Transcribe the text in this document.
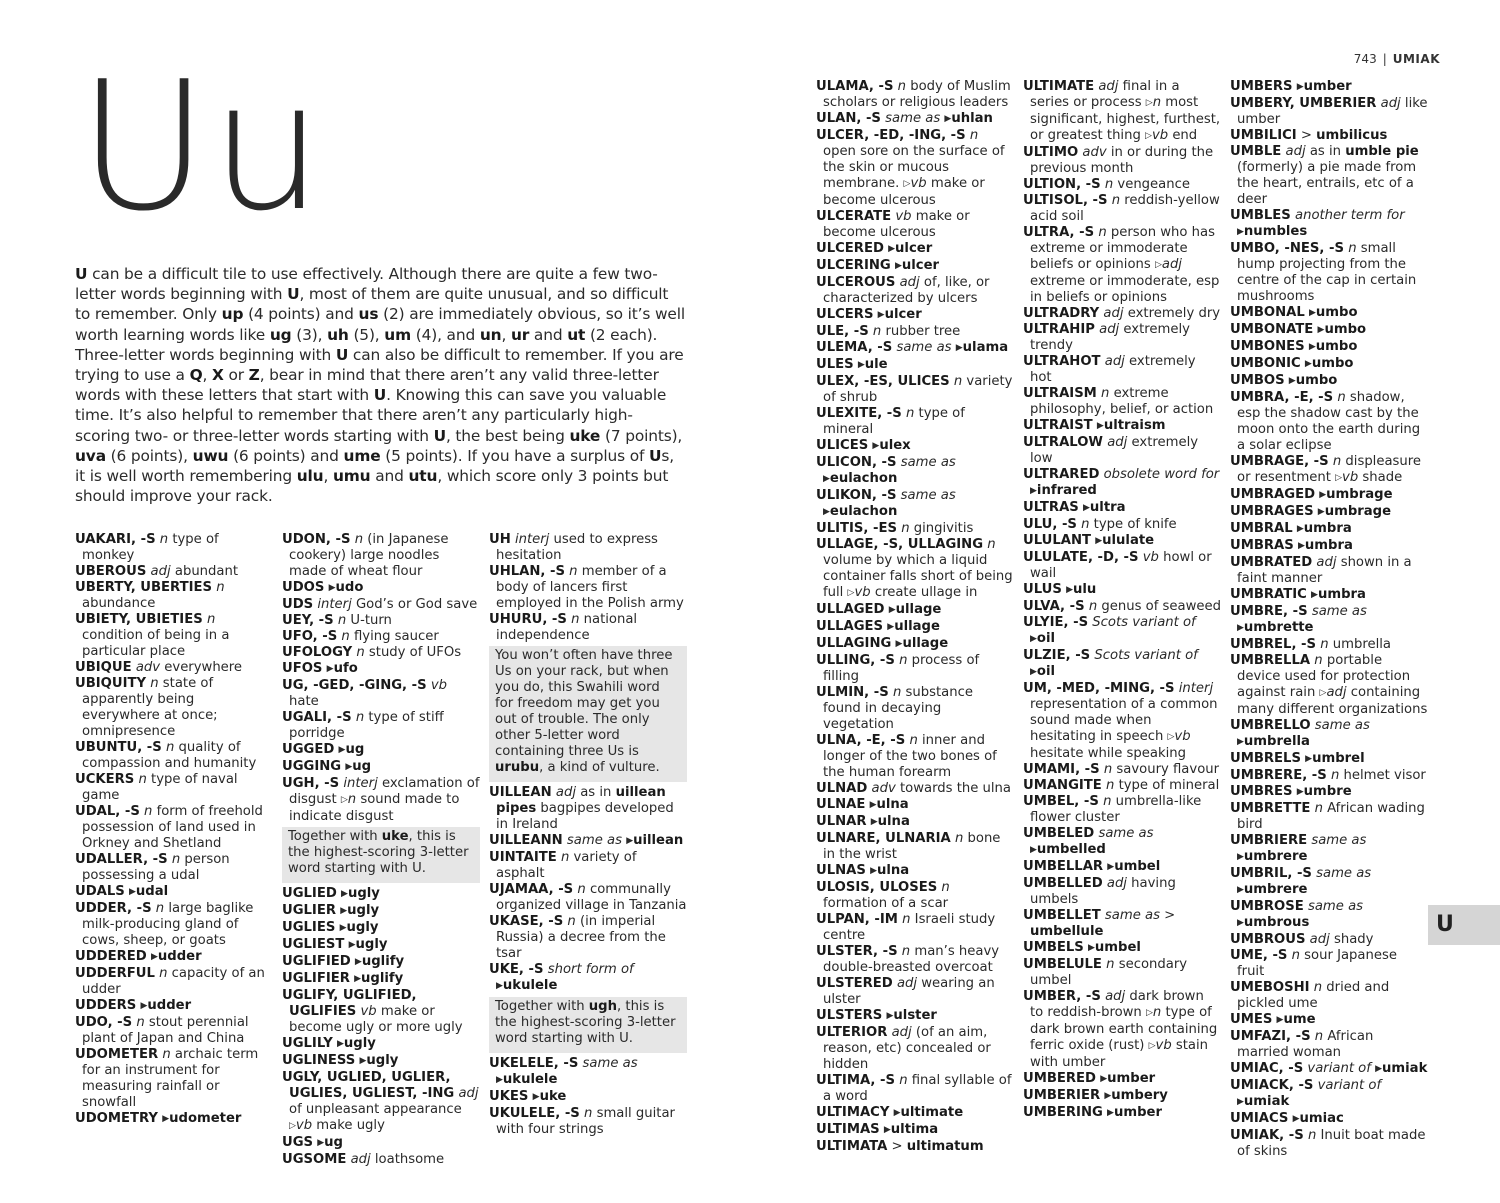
743 | UMIAK
Uu
U can be a difficult tile to use effectively. Although there are quite a few two-letter words beginning with U, most of them are quite unusual, and so difficult to remember. Only up (4 points) and us (2) are immediately obvious, so it’s well worth learning words like ug (3), uh (5), um (4), and un, ur and ut (2 each). Three-letter words beginning with U can also be difficult to remember. If you are trying to use a Q, X or Z, bear in mind that there aren’t any valid three-letter words with these letters that start with U. Knowing this can save you valuable time. It’s also helpful to remember that there aren’t any particularly high-scoring two- or three-letter words starting with U, the best being uke (7 points), uva (6 points), uwu (6 points) and ume (5 points). If you have a surplus of Us, it is well worth remembering ulu, umu and utu, which score only 3 points but should improve your rack.
UAKARI, -S n type of monkey
UBEROUS adj abundant
UBERTY, UBERTIES n abundance
UBIETY, UBIETIES n condition of being in a particular place
UBIQUE adv everywhere
UBIQUITY n state of apparently being everywhere at once; omnipresence
UBUNTU, -S n quality of compassion and humanity
UCKERS n type of naval game
UDAL, -S n form of freehold possession of land used in Orkney and Shetland
UDALLER, -S n person possessing a udal
UDALS ▶udal
UDDER, -S n large baglike milk-producing gland of cows, sheep, or goats
UDDERED ▶udder
UDDERFUL n capacity of an udder
UDDERS ▶udder
UDO, -S n stout perennial plant of Japan and China
UDOMETER n archaic term for an instrument for measuring rainfall or snowfall
UDOMETRY ▶udometer
UDON, -S n (in Japanese cookery) large noodles made of wheat flour
UDOS ▶udo
UDS interj God’s or God save
UEY, -S n U-turn
UFO, -S n flying saucer
UFOLOGY n study of UFOs
UFOS ▶ufo
UG, -GED, -GING, -S vb hate
UGALI, -S n type of stiff porridge
UGGED ▶ug
UGGING ▶ug
UGH, -S interj exclamation of disgust ▷n sound made to indicate disgust
Together with uke, this is the highest-scoring 3-letter word starting with U.
UGLIED ▶ugly
UGLIER ▶ugly
UGLIES ▶ugly
UGLIEST ▶ugly
UGLIFIED ▶uglify
UGLIFIER ▶uglify
UGLIFY, UGLIFIED, UGLIFIES vb make or become ugly or more ugly
UGLILY ▶ugly
UGLINESS ▶ugly
UGLY, UGLIED, UGLIER, UGLIES, UGLIEST, -ING adj of unpleasant appearance ▷vb make ugly
UGS ▶ug
UGSOME adj loathsome
UH interj used to express hesitation
UHLAN, -S n member of a body of lancers first employed in the Polish army
UHURU, -S n national independence
You won’t often have three Us on your rack, but when you do, this Swahili word for freedom may get you out of trouble. The only other 5-letter word containing three Us is urubu, a kind of vulture.
UILLEAN adj as in uillean pipes bagpipes developed in Ireland
UILLEANN same as ▶uillean
UINTAITE n variety of asphalt
UJAMAA, -S n communally organized village in Tanzania
UKASE, -S n (in imperial Russia) a decree from the tsar
UKE, -S short form of ▶ukulele
Together with ugh, this is the highest-scoring 3-letter word starting with U.
UKELELE, -S same as ▶ukulele
UKES ▶uke
UKULELE, -S n small guitar with four strings
ULAMA, -S n body of Muslim scholars or religious leaders
ULAN, -S same as ▶uhlan
ULCER, -ED, -ING, -S n open sore on the surface of the skin or mucous membrane. ▷vb make or become ulcerous
ULCERATE vb make or become ulcerous
ULCERED ▶ulcer
ULCERING ▶ulcer
ULCEROUS adj of, like, or characterized by ulcers
ULCERS ▶ulcer
ULE, -S n rubber tree
ULEMA, -S same as ▶ulama
ULES ▶ule
ULEX, -ES, ULICES n variety of shrub
ULEXITE, -S n type of mineral
ULICES ▶ulex
ULICON, -S same as ▶eulachon
ULIKON, -S same as ▶eulachon
ULITIS, -ES n gingivitis
ULLAGE, -S, ULLAGING n volume by which a liquid container falls short of being full ▷vb create ullage in
ULLAGED ▶ullage
ULLAGES ▶ullage
ULLAGING ▶ullage
ULLING, -S n process of filling
ULMIN, -S n substance found in decaying vegetation
ULNA, -E, -S n inner and longer of the two bones of the human forearm
ULNAD adv towards the ulna
ULNAE ▶ulna
ULNAR ▶ulna
ULNARE, ULNARIA n bone in the wrist
ULNAS ▶ulna
ULOSIS, ULOSES n formation of a scar
ULPAN, -IM n Israeli study centre
ULSTER, -S n man’s heavy double-breasted overcoat
ULSTERED adj wearing an ulster
ULSTERS ▶ulster
ULTERIOR adj (of an aim, reason, etc) concealed or hidden
ULTIMA, -S n final syllable of a word
ULTIMACY ▶ultimate
ULTIMAS ▶ultima
ULTIMATA > ultimatum
ULTIMATE adj final in a series or process ▷n most significant, highest, furthest, or greatest thing ▷vb end
ULTIMO adv in or during the previous month
ULTION, -S n vengeance
ULTISOL, -S n reddish-yellow acid soil
ULTRA, -S n person who has extreme or immoderate beliefs or opinions ▷adj extreme or immoderate, esp in beliefs or opinions
ULTRADRY adj extremely dry
ULTRAHIP adj extremely trendy
ULTRAHOT adj extremely hot
ULTRAISM n extreme philosophy, belief, or action
ULTRAIST ▶ultraism
ULTRALOW adj extremely low
ULTRARED obsolete word for ▶infrared
ULTRAS ▶ultra
ULU, -S n type of knife
ULULANT ▶ululate
ULULATE, -D, -S vb howl or wail
ULUS ▶ulu
ULVA, -S n genus of seaweed
ULYIE, -S Scots variant of ▶oil
ULZIE, -S Scots variant of ▶oil
UM, -MED, -MING, -S interj representation of a common sound made when hesitating in speech ▷vb hesitate while speaking
UMAMI, -S n savoury flavour
UMANGITE n type of mineral
UMBEL, -S n umbrella-like flower cluster
UMBELED same as ▶umbelled
UMBELLAR ▶umbel
UMBELLED adj having umbels
UMBELLET same as > umbellule
UMBELS ▶umbel
UMBELULE n secondary umbel
UMBER, -S adj dark brown to reddish-brown ▷n type of dark brown earth containing ferric oxide (rust) ▷vb stain with umber
UMBERED ▶umber
UMBERIER ▶umbery
UMBERING ▶umber
UMBERS ▶umber
UMBERY, UMBERIER adj like umber
UMBILICI > umbilicus
UMBLE adj as in umble pie (formerly) a pie made from the heart, entrails, etc of a deer
UMBLES another term for ▶numbles
UMBO, -NES, -S n small hump projecting from the centre of the cap in certain mushrooms
UMBONAL ▶umbo
UMBONATE ▶umbo
UMBONES ▶umbo
UMBONIC ▶umbo
UMBOS ▶umbo
UMBRA, -E, -S n shadow, esp the shadow cast by the moon onto the earth during a solar eclipse
UMBRAGE, -S n displeasure or resentment ▷vb shade
UMBRAGED ▶umbrage
UMBRAGES ▶umbrage
UMBRAL ▶umbra
UMBRAS ▶umbra
UMBRATED adj shown in a faint manner
UMBRATIC ▶umbra
UMBRE, -S same as ▶umbrette
UMBREL, -S n umbrella
UMBRELLA n portable device used for protection against rain ▷adj containing many different organizations
UMBRELLO same as ▶umbrella
UMBRELS ▶umbrel
UMBRERE, -S n helmet visor
UMBRES ▶umbre
UMBRETTE n African wading bird
UMBRIERE same as ▶umbrere
UMBRIL, -S same as ▶umbrere
UMBROSE same as ▶umbrous
UMBROUS adj shady
UME, -S n sour Japanese fruit
UMEBOSHI n dried and pickled ume
UMES ▶ume
UMFAZI, -S n African married woman
UMIAC, -S variant of ▶umiak
UMIACK, -S variant of ▶umiak
UMIACS ▶umiac
UMIAK, -S n Inuit boat made of skins
U
